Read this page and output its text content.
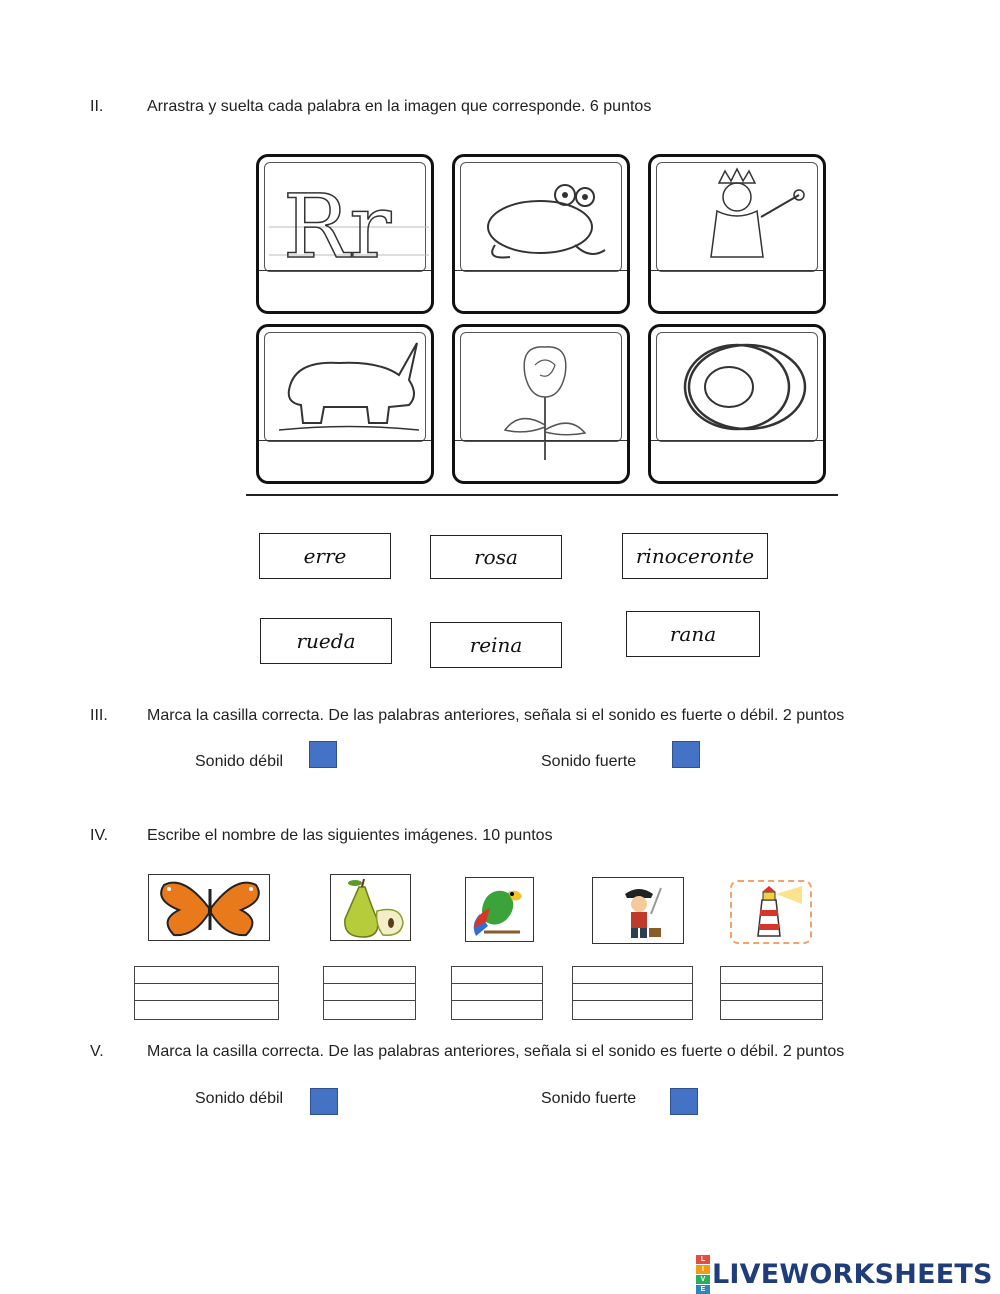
II.	Arrastra y suelta cada palabra en la imagen que corresponde. 6 puntos
Rr
erre	rosa	rinoceronte
rueda	reina	rana
III. Marca la casilla correcta. De las palabras anteriores, señala si el sonido es fuerte o débil. 2 puntos
Sonido débil	Sonido fuerte
IV. Escribe el nombre de las siguientes imágenes. 10 puntos
V.	Marca la casilla correcta. De las palabras anteriores, señala si el sonido es fuerte o débil. 2 puntos
Sonido débil	Sonido fuerte
L
I
V
E LIVEWORKSHEETS
